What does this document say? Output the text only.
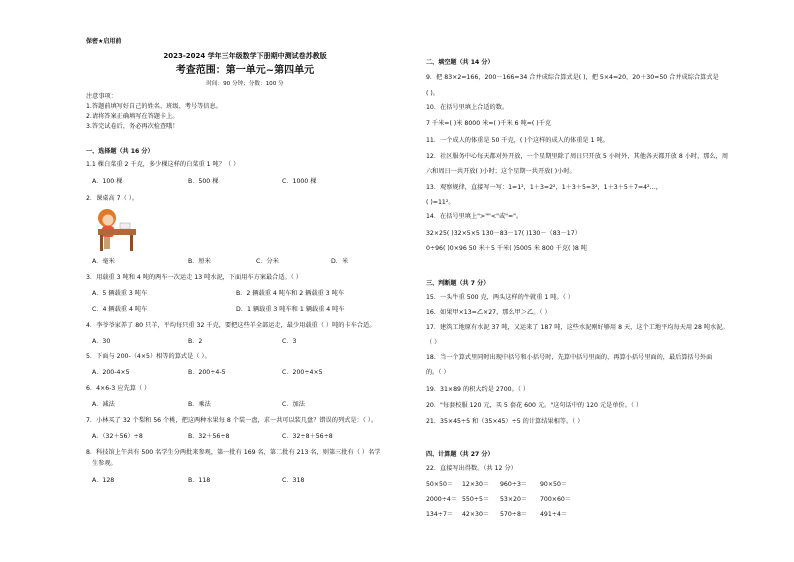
保密★启用前
2023-2024 学年三年级数学下册期中测试卷苏教版
考查范围：第一单元~第四单元
时间：90 分钟；分数：100 分
注意事项：
1.答题前填写好自己的姓名、班级、考号等信息。
2.请将答案正确填写在答题卡上。
3.答完试卷后，务必再次检查哦！
一、选择题（共 16 分）
1.1 棵白菜重 2 千克，多少棵这样的白菜重 1 吨？（ ）
A．100 棵	B．500 棵	C．1000 棵
2．课桌高 7（ ）。
A．毫米	B．厘米	C．分米	D．米
3．用载重 3 吨和 4 吨的两车一次运走 13 吨水泥，下面用车方案最合适。（ ）
A．5 辆载重 3 吨车	B．2 辆载重 4 吨车和 2 辆载重 3 吨车
C．4 辆载重 4 吨车	D．1 辆载重 3 吨车和 1 辆载重 4 吨车
4．李爷爷家养了 80 只羊，平均每只重 32 千克，要把这些羊全部运走，最少用载重（ ）吨的卡车合适。
A．30	B．2	C．3
5．下面与 200-（4×5）相等的算式是（ ）。
A．200-4×5	B．200÷4-5	C．200÷4×5
6．4×6-3 应先算（ ）
A．减法	B．乘法	C．加法
7．小林买了 32 个梨和 56 个桃，把这两种水果每 8 个装一盘，求一共可以装几盘？错误的列式是：（ ）。
A．（32＋56）÷8	B．32＋56÷8	C．32÷8＋56÷8
8．科技馆上午共有 500 名学生分两批来参观，第一批有 169 名，第二批有 213 名，则第三批有（ ）名学
生参观。
A．128	B．118	C．318
二、填空题（共 14 分）
9．把 83×2=166，200－166=34 合并成综合算式是( )，把 5×4=20，20＋30=50 合并成综合算式是
( )。
10．在括号里填上合适的数。
7 千米=( )米 8000 米=( )千米 6 吨=( )千克
11．一个成人的体重是 50 千克，( )个这样的成人的体重是 1 吨。
12．社区服务中心每天都对外开放，一个星期里除了周日只开放 5 小时外，其他各天都开放 8 小时，那么，周
六和周日一共开放( )小时；这个星期一共开放( )小时。
13．观察规律，直接写一写：1=1²，1＋3=2²，1＋3＋5=3²，1＋3＋5＋7=4²…，
( )=11²。
14．在括号里填上">""<"或"="。
32×25( )32×5×5 130－83－17( )130－（83－17）
0÷96( )0×96 50 米＋5 千米( )5005 米 800 千克( )8 吨
三、判断题（共 7 分）
15．一头牛重 500 克，两头这样的牛就重 1 吨。（ ）
16．如果甲×13=乙×27，那么甲＞乙。（ ）
17．建筑工地原有水泥 37 吨，又运来了 187 吨，这些水泥刚好够用 8 天，这个工地平均每天用 28 吨水泥。
（ ）
18．当一个算式里同时出现中括号和小括号时，先算中括号里面的，再算小括号里面的，最后算括号外面
的。（ ）
19．31×89 的积大约是 2700。（ ）
20．"每套校服 120 元，买 5 套花 600 元。"这句话中的 120 元是单价。（ ）
21．35×45÷5 和（35×45）÷5 的计算结果相等。（ ）
四、计算题（共 27 分）
22．直接写出得数。（共 12 分）
50×50＝ 12×30＝ 960÷3＝ 90×50＝
2000÷4＝ 550÷5＝ 53×20＝ 700×60＝
134÷7＝ 42×30＝ 570÷8＝ 491÷4＝
